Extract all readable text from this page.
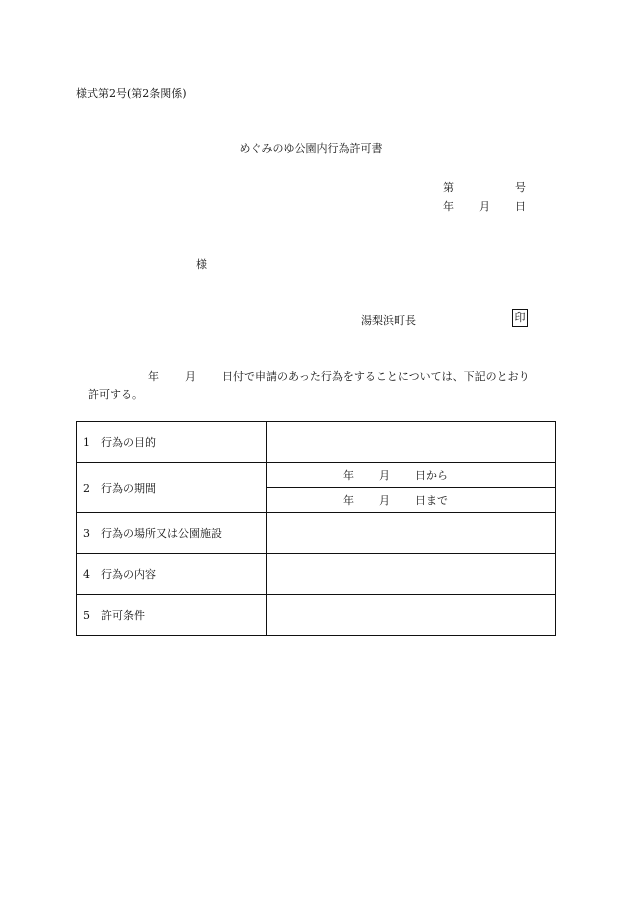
様式第2号(第2条関係)
めぐみのゆ公園内行為許可書
第	号
年 月 日
様
湯梨浜町長	印
年 月 日付で申請のあった行為をすることについては、下記のとおり
許可する。
1 行為の目的	
2 行為の期間	年 月 日から

	年 月 日まで

3 行為の場所又は公園施設	
4 行為の内容	
5 許可条件	
